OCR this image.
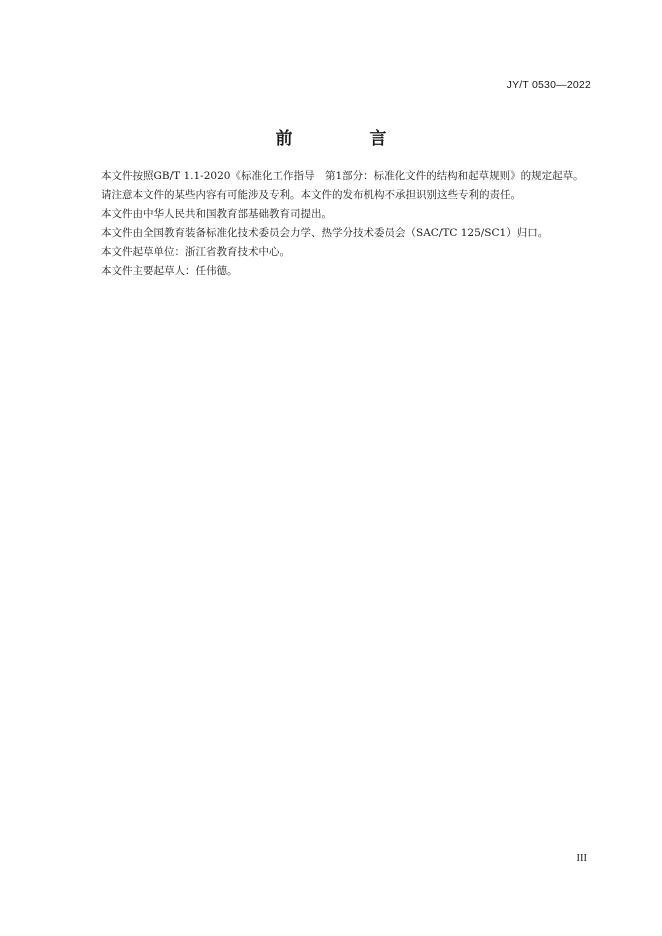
JY/T 0530—2022
前　言

本文件按照GB/T 1.1-2020《标准化工作指导　第1部分：标准化文件的结构和起草规则》的规定起草。

请注意本文件的某些内容有可能涉及专利。本文件的发布机构不承担识别这些专利的责任。

本文件由中华人民共和国教育部基础教育司提出。

本文件由全国教育装备标准化技术委员会力学、热学分技术委员会（SAC/TC 125/SC1）归口。

本文件起草单位：浙江省教育技术中心。

本文件主要起草人：任伟德。

III
